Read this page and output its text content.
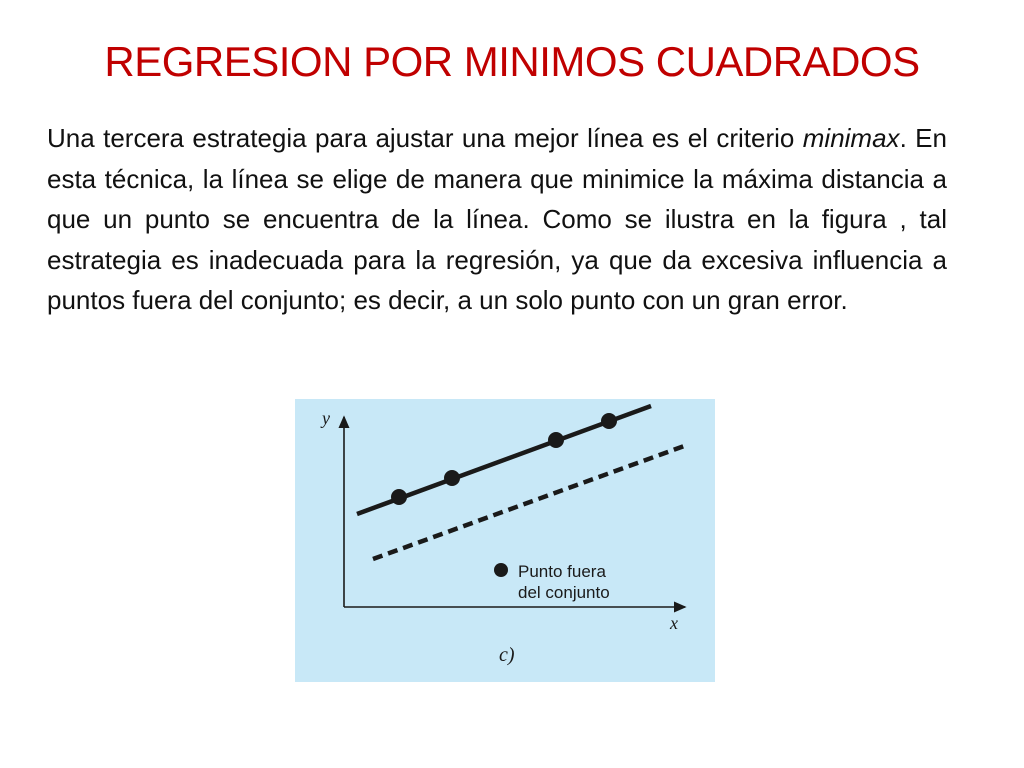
REGRESION POR MINIMOS CUADRADOS
Una tercera estrategia para ajustar una mejor línea es el criterio minimax. En esta técnica, la línea se elige de manera que minimice la máxima distancia a que un punto se encuentra de la línea. Como se ilustra en la figura , tal estrategia es inadecuada para la regresión, ya que da excesiva influencia a puntos fuera del conjunto; es decir, a un solo punto con un gran error.
y
x
Punto fuera
del conjunto
c)
